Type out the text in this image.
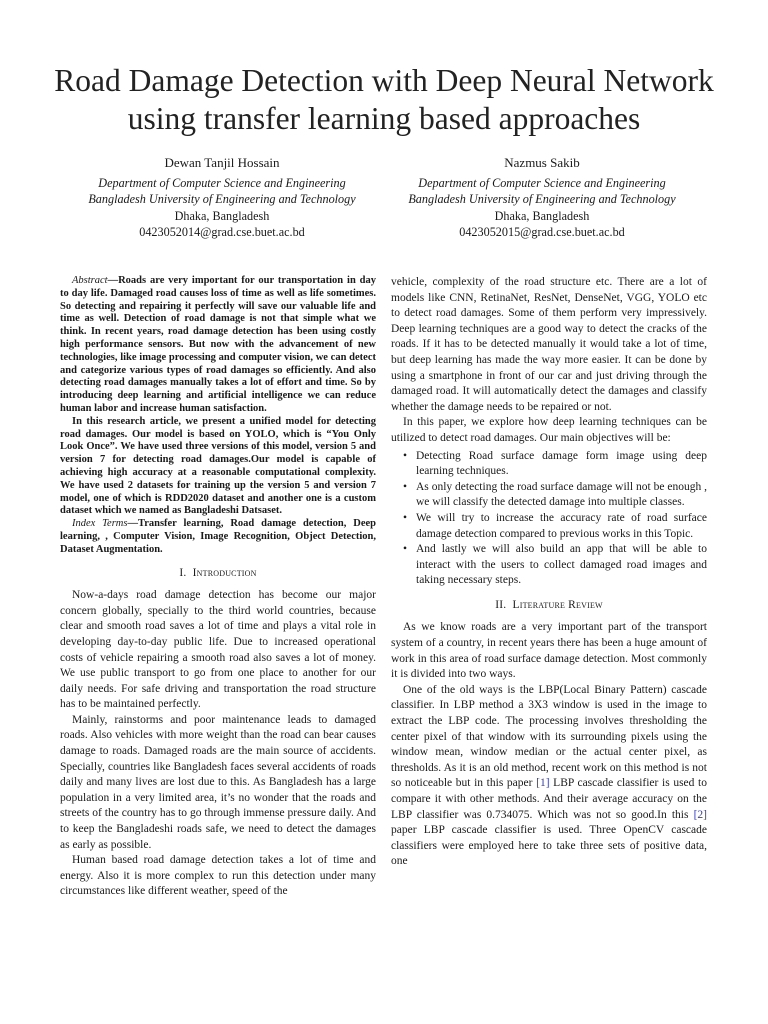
Road Damage Detection with Deep Neural Network
using transfer learning based approaches
Dewan Tanjil Hossain
Department of Computer Science and Engineering
Bangladesh University of Engineering and Technology
Dhaka, Bangladesh
0423052014@grad.cse.buet.ac.bd
Nazmus Sakib
Department of Computer Science and Engineering
Bangladesh University of Engineering and Technology
Dhaka, Bangladesh
0423052015@grad.cse.buet.ac.bd

Abstract—Roads are very important for our transportation in day to day life. Damaged road causes loss of time as well as life sometimes. So detecting and repairing it perfectly will save our valuable life and time as well. Detection of road damage is not that simple what we think. In recent years, road damage detection has been using costly high performance sensors. But now with the advancement of new technologies, like image processing and computer vision, we can detect and categorize various types of road damages so efficiently. And also detecting road damages manually takes a lot of effort and time. So by introducing deep learning and artificial intelligence we can reduce human labor and increase human satisfaction.

In this research article, we present a unified model for detecting road damages. Our model is based on YOLO, which is “You Only Look Once”. We have used three versions of this model, version 5 and version 7 for detecting road damages.Our model is capable of achieving high accuracy at a reasonable computational complexity. We have used 2 datasets for training up the version 5 and version 7 model, one of which is RDD2020 dataset and another one is a custom dataset which we named as Bangladeshi Datsaset.

Index Terms—Transfer learning, Road damage detection, Deep learning, , Computer Vision, Image Recognition, Object Detection, Dataset Augmentation.

I. Introduction

Now-a-days road damage detection has become our major concern globally, specially to the third world countries, because clear and smooth road saves a lot of time and plays a vital role in developing day-to-day public life. Due to increased operational costs of vehicle repairing a smooth road also saves a lot of money. We use public transport to go from one place to another for our daily needs. For safe driving and transportation the road structure has to be maintained perfectly.

Mainly, rainstorms and poor maintenance leads to damaged roads. Also vehicles with more weight than the road can bear causes damage to roads. Damaged roads are the main source of accidents. Specially, countries like Bangladesh faces several accidents of roads daily and many lives are lost due to this. As Bangladesh has a large population in a very limited area, it’s no wonder that the roads and streets of the country has to go through immense pressure daily. And to keep the Bangladeshi roads safe, we need to detect the damages as early as possible.

Human based road damage detection takes a lot of time and energy. Also it is more complex to run this detection under many circumstances like different weather, speed of the

vehicle, complexity of the road structure etc. There are a lot of models like CNN, RetinaNet, ResNet, DenseNet, VGG, YOLO etc to detect road damages. Some of them perform very impressively. Deep learning techniques are a good way to detect the cracks of the roads. If it has to be detected manually it would take a lot of time, but deep learning has made the way more easier. It can be done by using a smartphone in front of our car and just driving through the damaged road. It will automatically detect the damages and classify whether the damage needs to be repaired or not.

In this paper, we explore how deep learning techniques can be utilized to detect road damages. Our main objectives will be:

• Detecting Road surface damage form image using deep learning techniques.
• As only detecting the road surface damage will not be enough , we will classify the detected damage into multiple classes.
• We will try to increase the accuracy rate of road surface damage detection compared to previous works in this Topic.
• And lastly we will also build an app that will be able to interact with the users to collect damaged road images and taking necessary steps.
II. Literature Review

As we know roads are a very important part of the transport system of a country, in recent years there has been a huge amount of work in this area of road surface damage detection. Most commonly it is divided into two ways.

One of the old ways is the LBP(Local Binary Pattern) cascade classifier. In LBP method a 3X3 window is used in the image to extract the LBP code. The processing involves thresholding the center pixel of that window with its surrounding pixels using the window mean, window median or the actual center pixel, as thresholds. As it is an old method, recent work on this method is not so noticeable but in this paper [1] LBP cascade classifier is used to compare it with other methods. And their average accuracy on the LBP classifier was 0.734075. Which was not so good.In this [2] paper LBP cascade classifier is used. Three OpenCV cascade classifiers were employed here to take three sets of positive data, one
